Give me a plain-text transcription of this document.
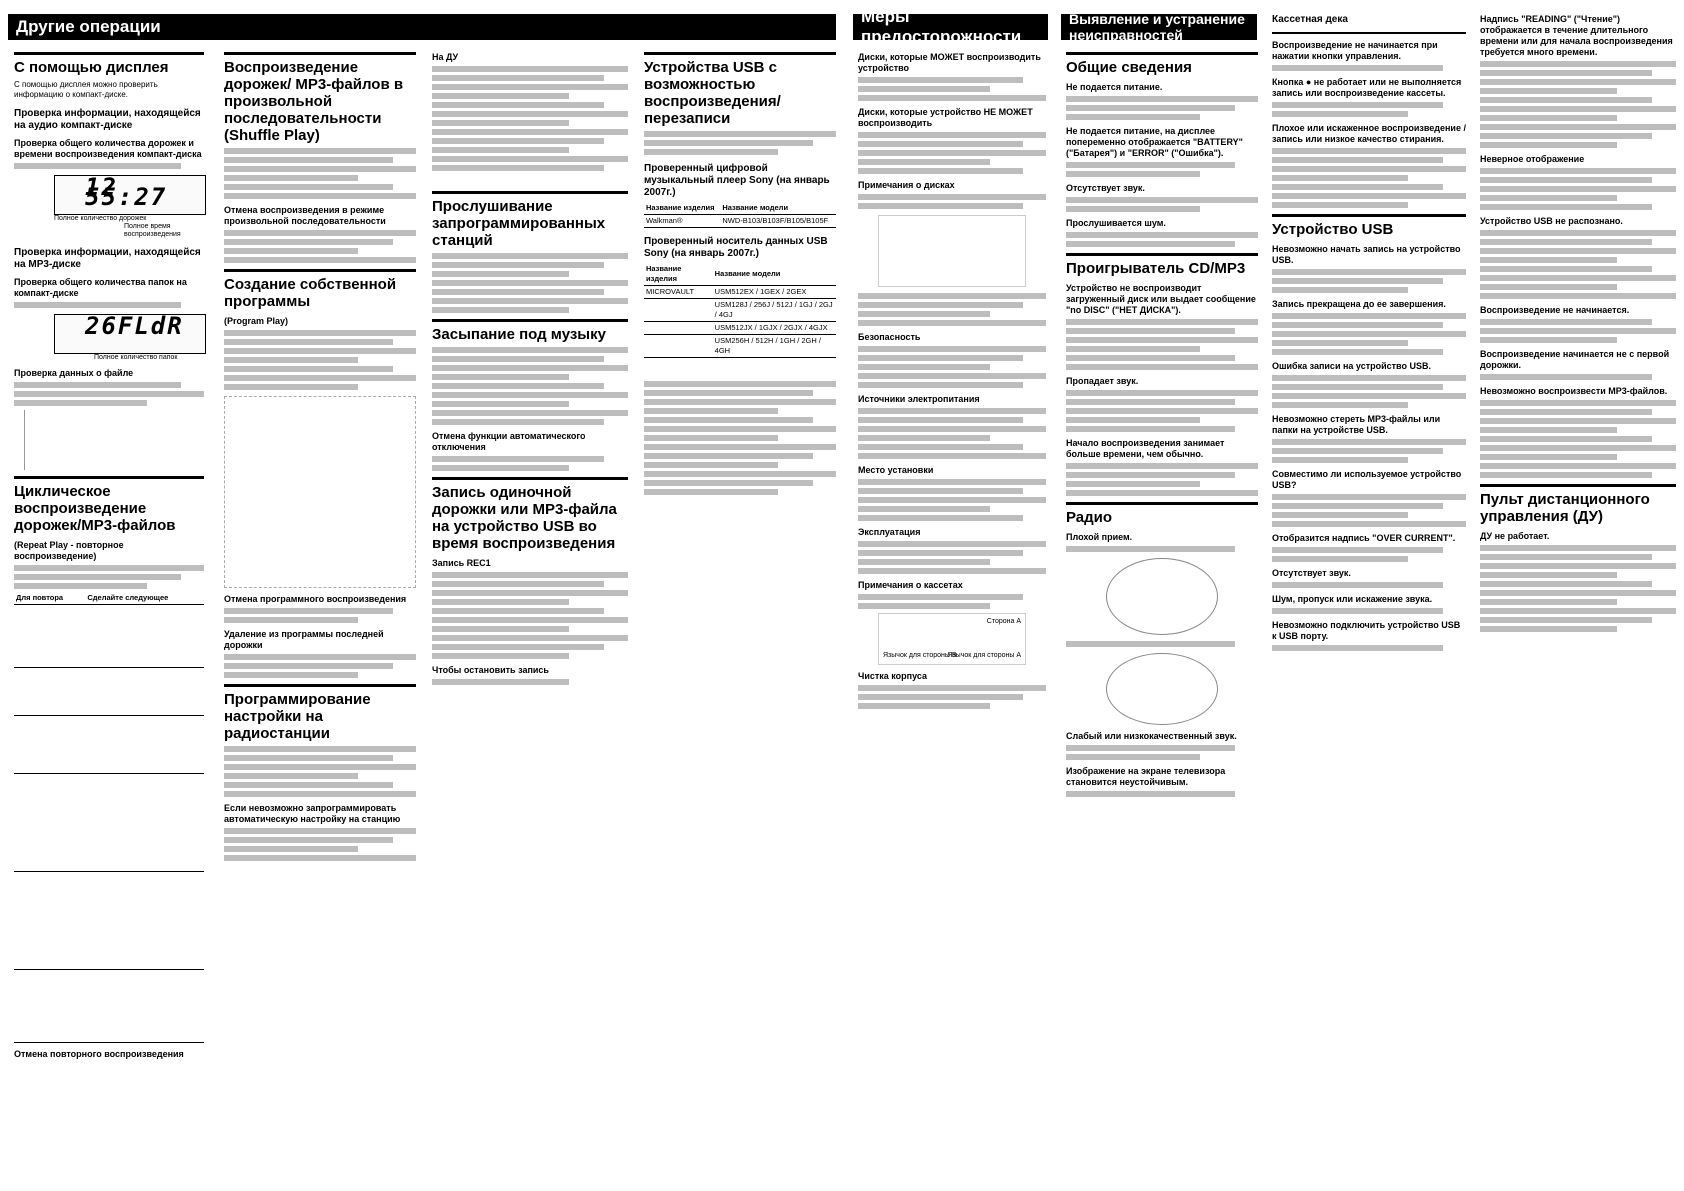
Другие операции
Меры предосторожности
Выявление и устранение неисправностей
С помощью дисплея
С помощью дисплея можно проверить информацию о компакт-диске.
Проверка информации, находящейся на аудио компакт-диске
Проверка общего количества дорожек и времени воспроизведения компакт-диска
12 55:27
Полное количество дорожек
Полное время воспроизведения
Проверка информации, находящейся на MP3-диске
Проверка общего количества папок на компакт-диске
26FLdR
Полное количество папок
Проверка данных о файле
Циклическое воспроизведение дорожек/MP3-файлов
(Repeat Play - повторное воспроизведение)
Для повтора	Сделайте следующее

Отмена повторного воспроизведения
Воспроизведение дорожек/ MP3-файлов в произвольной последовательности (Shuffle Play)
Отмена воспроизведения в режиме произвольной последовательности
Создание собственной программы
(Program Play)
Отмена программного воспроизведения
Удаление из программы последней дорожки
Программирование настройки на радиостанции
Если невозможно запрограммировать автоматическую настройку на станцию
На ДУ
Прослушивание запрограммированных станций
Засыпание под музыку
Отмена функции автоматического отключения
Запись одиночной дорожки или MP3-файла на устройство USB во время воспроизведения
Запись REC1
Чтобы остановить запись
Устройства USB с возможностью воспроизведения/перезаписи
Проверенный цифровой музыкальный плеер Sony (на январь 2007г.)
Название изделия	Название модели
Walkman®	NWD-B103/B103F/B105/B105F
Проверенный носитель данных USB Sony (на январь 2007г.)
Название изделия	Название модели
MICROVAULT	USM512EX / 1GEX / 2GEX
	USM128J / 256J / 512J / 1GJ / 2GJ / 4GJ
	USM512JX / 1GJX / 2GJX / 4GJX
	USM256H / 512H / 1GH / 2GH / 4GH
Диски, которые МОЖЕТ воспроизводить устройство
Диски, которые устройство НЕ МОЖЕТ воспроизводить
Примечания о дисках
Безопасность
Источники электропитания
Место установки
Эксплуатация
Примечания о кассетах
Сторона A
Язычок для стороны A
Язычок для стороны B
Чистка корпуса
Общие сведения
Не подается питание.
Не подается питание, на дисплее попеременно отображается "BATTERY" ("Батарея") и "ERROR" ("Ошибка").
Отсутствует звук.
Прослушивается шум.
Проигрыватель CD/MP3
Устройство не воспроизводит загруженный диск или выдает сообщение "no DISC" ("НЕТ ДИСКА").
Пропадает звук.
Начало воспроизведения занимает больше времени, чем обычно.
Радио
Плохой прием.
Слабый или низкокачественный звук.
Изображение на экране телевизора становится неустойчивым.
Кассетная дека
Воспроизведение не начинается при нажатии кнопки управления.
Кнопка ● не работает или не выполняется запись или воспроизведение кассеты.
Плохое или искаженное воспроизведение / запись или низкое качество стирания.
Устройство USB
Невозможно начать запись на устройство USB.
Запись прекращена до ее завершения.
Ошибка записи на устройство USB.
Невозможно стереть MP3-файлы или папки на устройстве USB.
Совместимо ли используемое устройство USB?
Отобразится надпись "OVER CURRENT".
Отсутствует звук.
Шум, пропуск или искажение звука.
Невозможно подключить устройство USB к USB порту.
Надпись "READING" ("Чтение") отображается в течение длительного времени или для начала воспроизведения требуется много времени.
Неверное отображение
Устройство USB не распознано.
Воспроизведение не начинается.
Воспроизведение начинается не с первой дорожки.
Невозможно воспроизвести MP3-файлов.
Пульт дистанционного управления (ДУ)
ДУ не работает.
